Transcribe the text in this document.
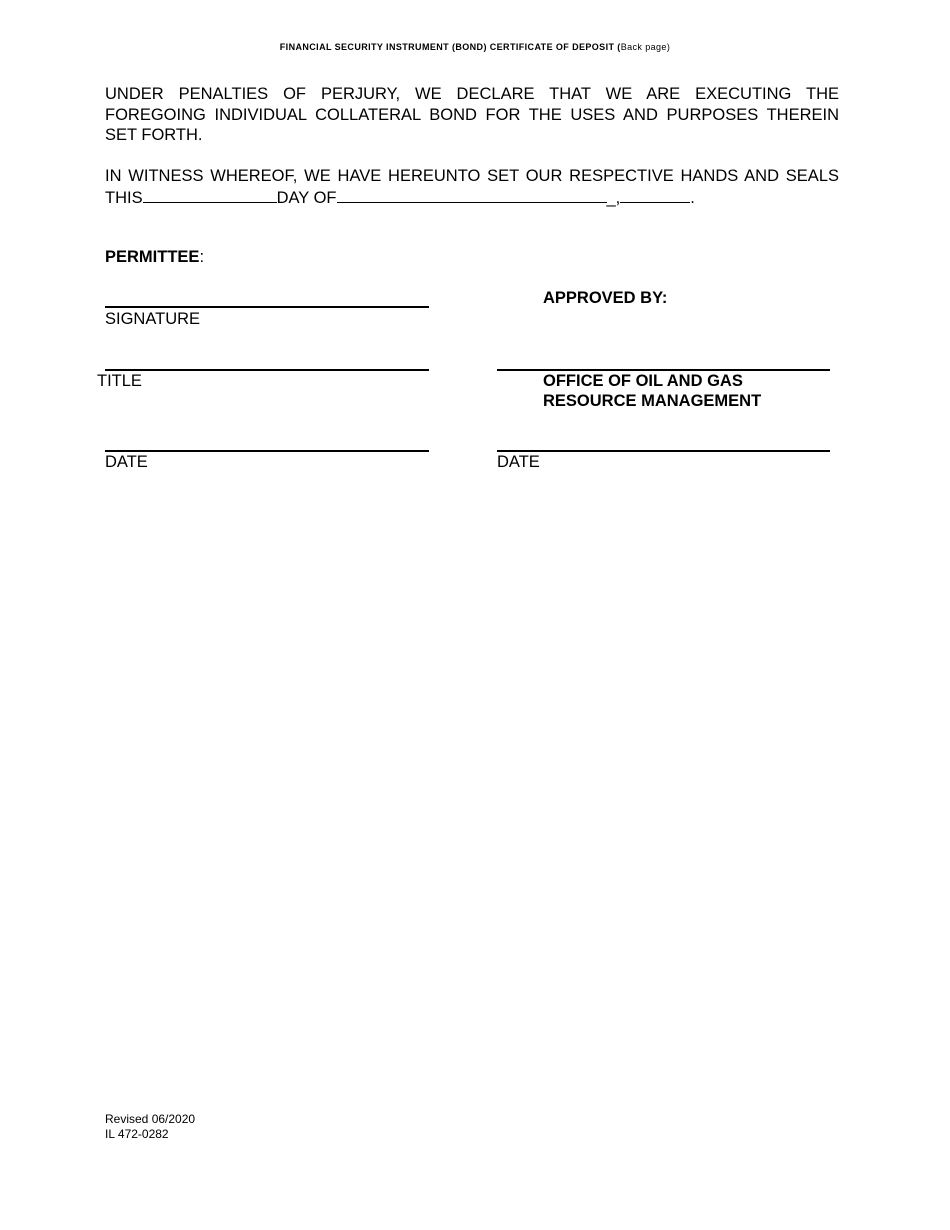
FINANCIAL SECURITY INSTRUMENT (BOND) CERTIFICATE OF DEPOSIT (Back page)
UNDER PENALTIES OF PERJURY, WE DECLARE THAT WE ARE EXECUTING THE FOREGOING INDIVIDUAL COLLATERAL BOND FOR THE USES AND PURPOSES THEREIN SET FORTH.
IN WITNESS WHEREOF, WE HAVE HEREUNTO SET OUR RESPECTIVE HANDS AND SEALS
THIS	DAY OF	_,	.
PERMITTEE:
APPROVED BY:
SIGNATURE
TITLE	OFFICE OF OIL AND GAS
RESOURCE MANAGEMENT
DATE	DATE
Revised 06/2020
IL 472-0282
